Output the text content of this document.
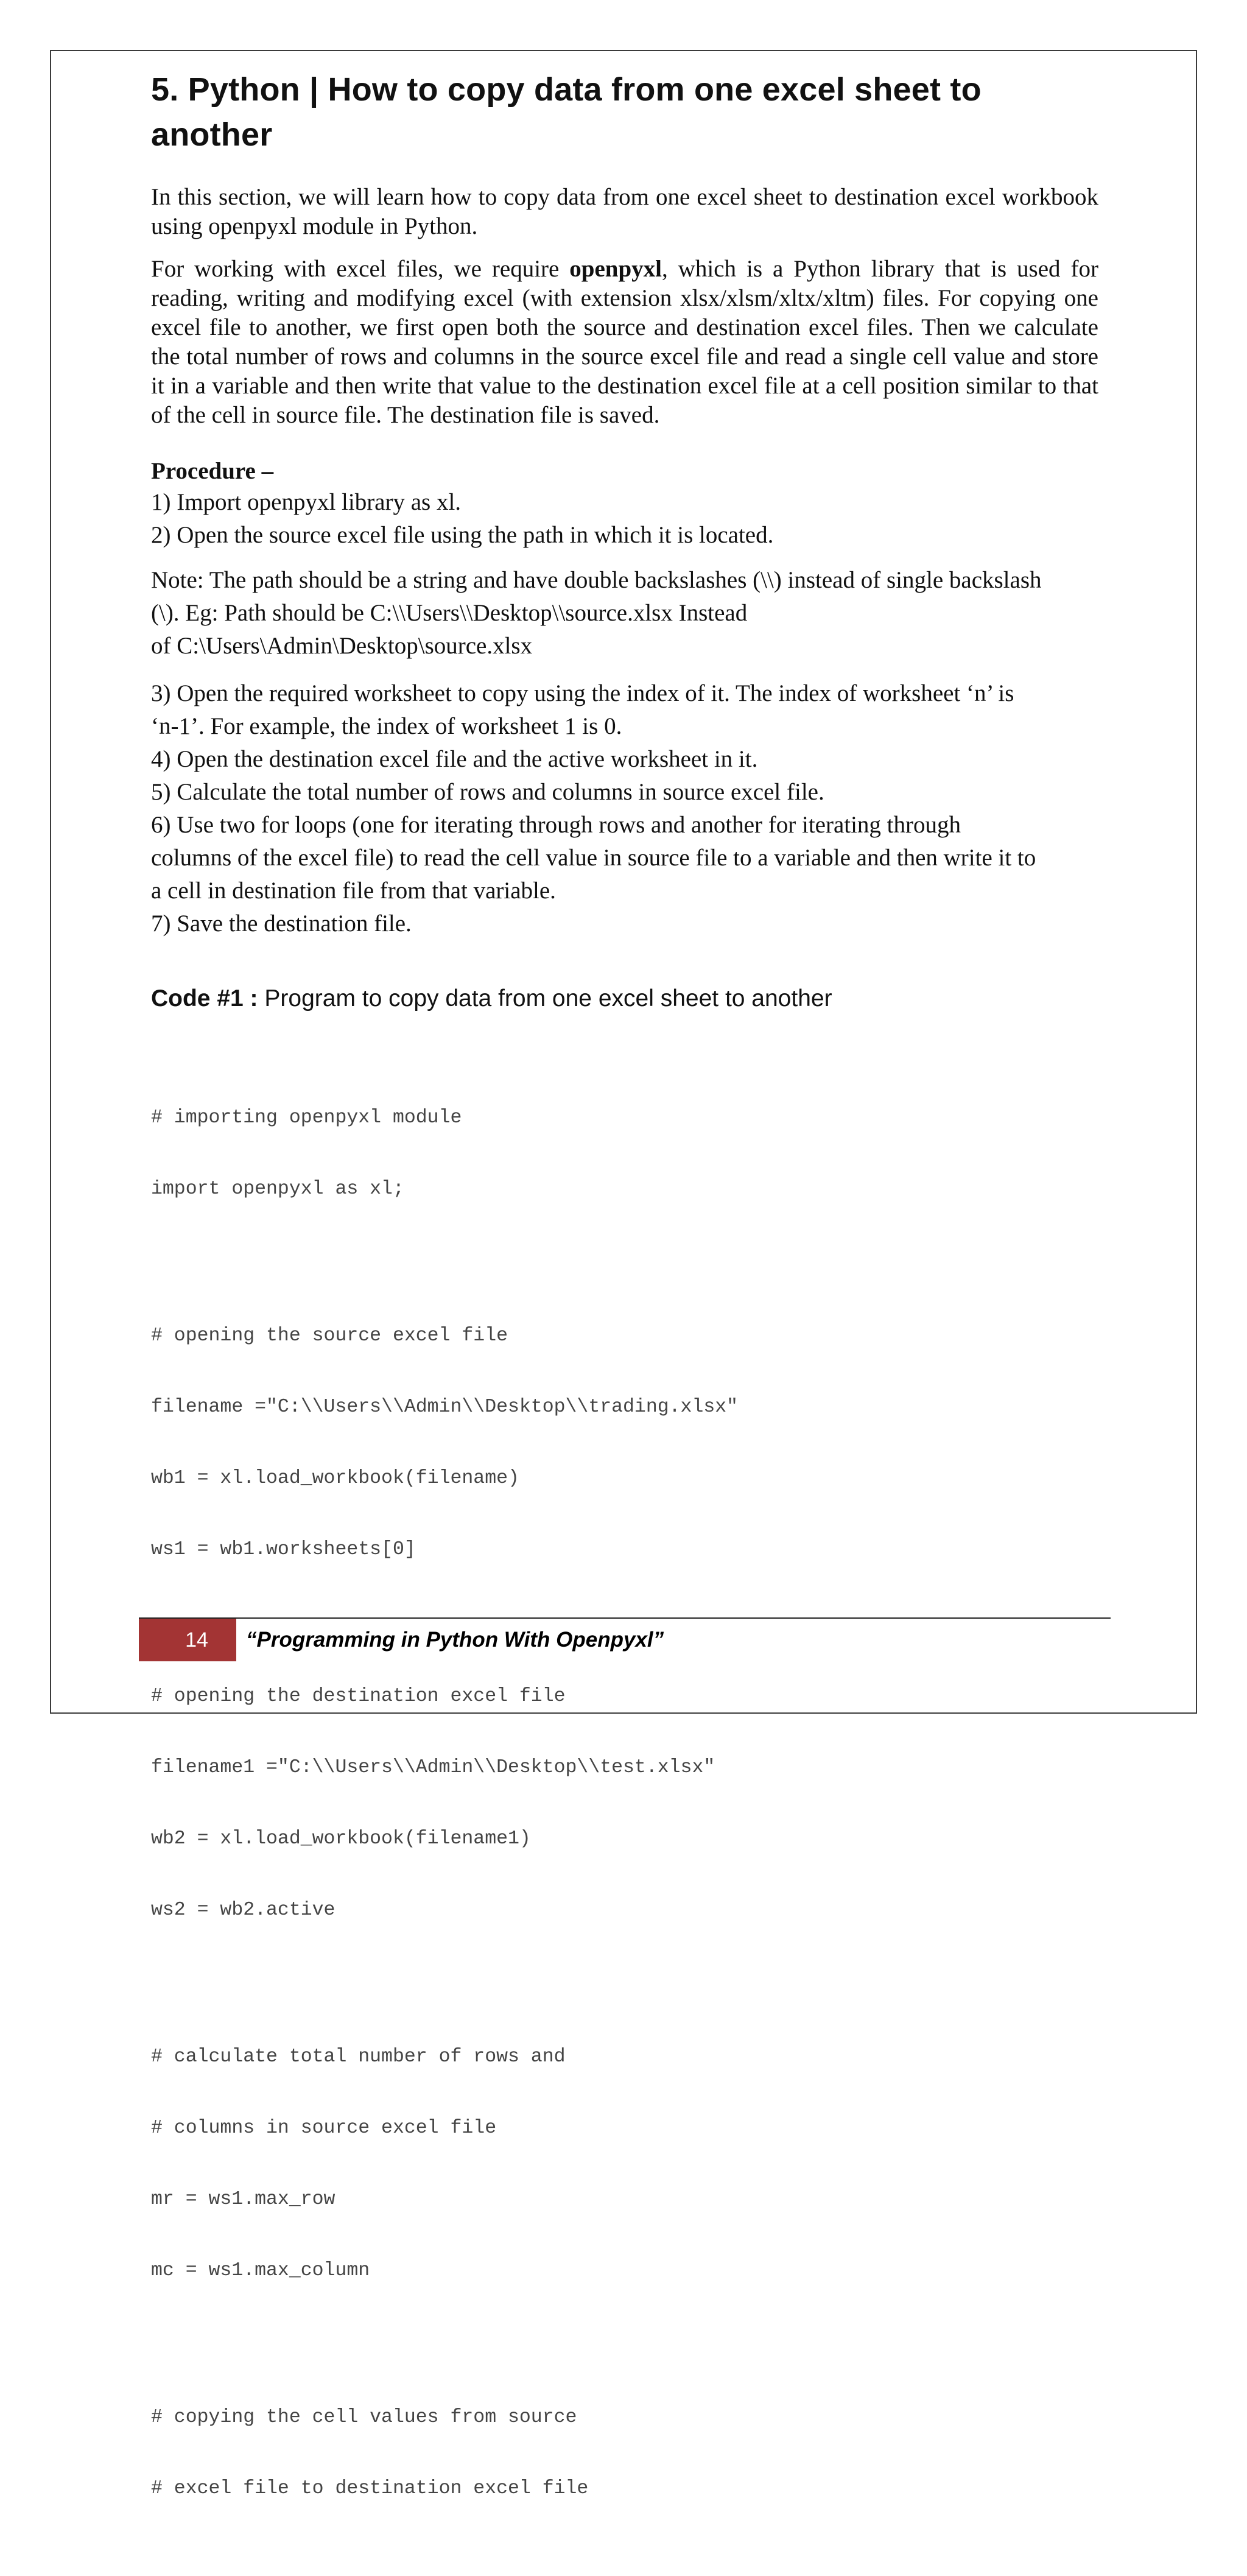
5. Python | How to copy data from one excel sheet to
another

In this section, we will learn how to copy data from one excel sheet to destination excel workbook using openpyxl module in Python.

For working with excel files, we require openpyxl, which is a Python library that is used for reading, writing and modifying excel (with extension xlsx/xlsm/xltx/xltm) files. For copying one excel file to another, we first open both the source and destination excel files. Then we calculate the total number of rows and columns in the source excel file and read a single cell value and store it in a variable and then write that value to the destination excel file at a cell position similar to that of the cell in source file. The destination file is saved.

Procedure –
1) Import openpyxl library as xl.
2) Open the source excel file using the path in which it is located.
Note: The path should be a string and have double backslashes (\\) instead of single backslash
(\). Eg: Path should be C:\\Users\\Desktop\\source.xlsx Instead
of C:\Users\Admin\Desktop\source.xlsx
3) Open the required worksheet to copy using the index of it. The index of worksheet ‘n’ is
‘n-1’. For example, the index of worksheet 1 is 0.
4) Open the destination excel file and the active worksheet in it.
5) Calculate the total number of rows and columns in source excel file.
6) Use two for loops (one for iterating through rows and another for iterating through
columns of the excel file) to read the cell value in source file to a variable and then write it to
a cell in destination file from that variable.
7) Save the destination file.
Code #1 : Program to copy data from one excel sheet to another

# importing openpyxl module

import openpyxl as xl;

# opening the source excel file

filename ="C:\\Users\\Admin\\Desktop\\trading.xlsx"

wb1 = xl.load_workbook(filename)

ws1 = wb1.worksheets[0]

# opening the destination excel file

filename1 ="C:\\Users\\Admin\\Desktop\\test.xlsx"

wb2 = xl.load_workbook(filename1)

ws2 = wb2.active

# calculate total number of rows and

# columns in source excel file

mr = ws1.max_row

mc = ws1.max_column

# copying the cell values from source

# excel file to destination excel file

14	“Programming in Python With Openpyxl”
